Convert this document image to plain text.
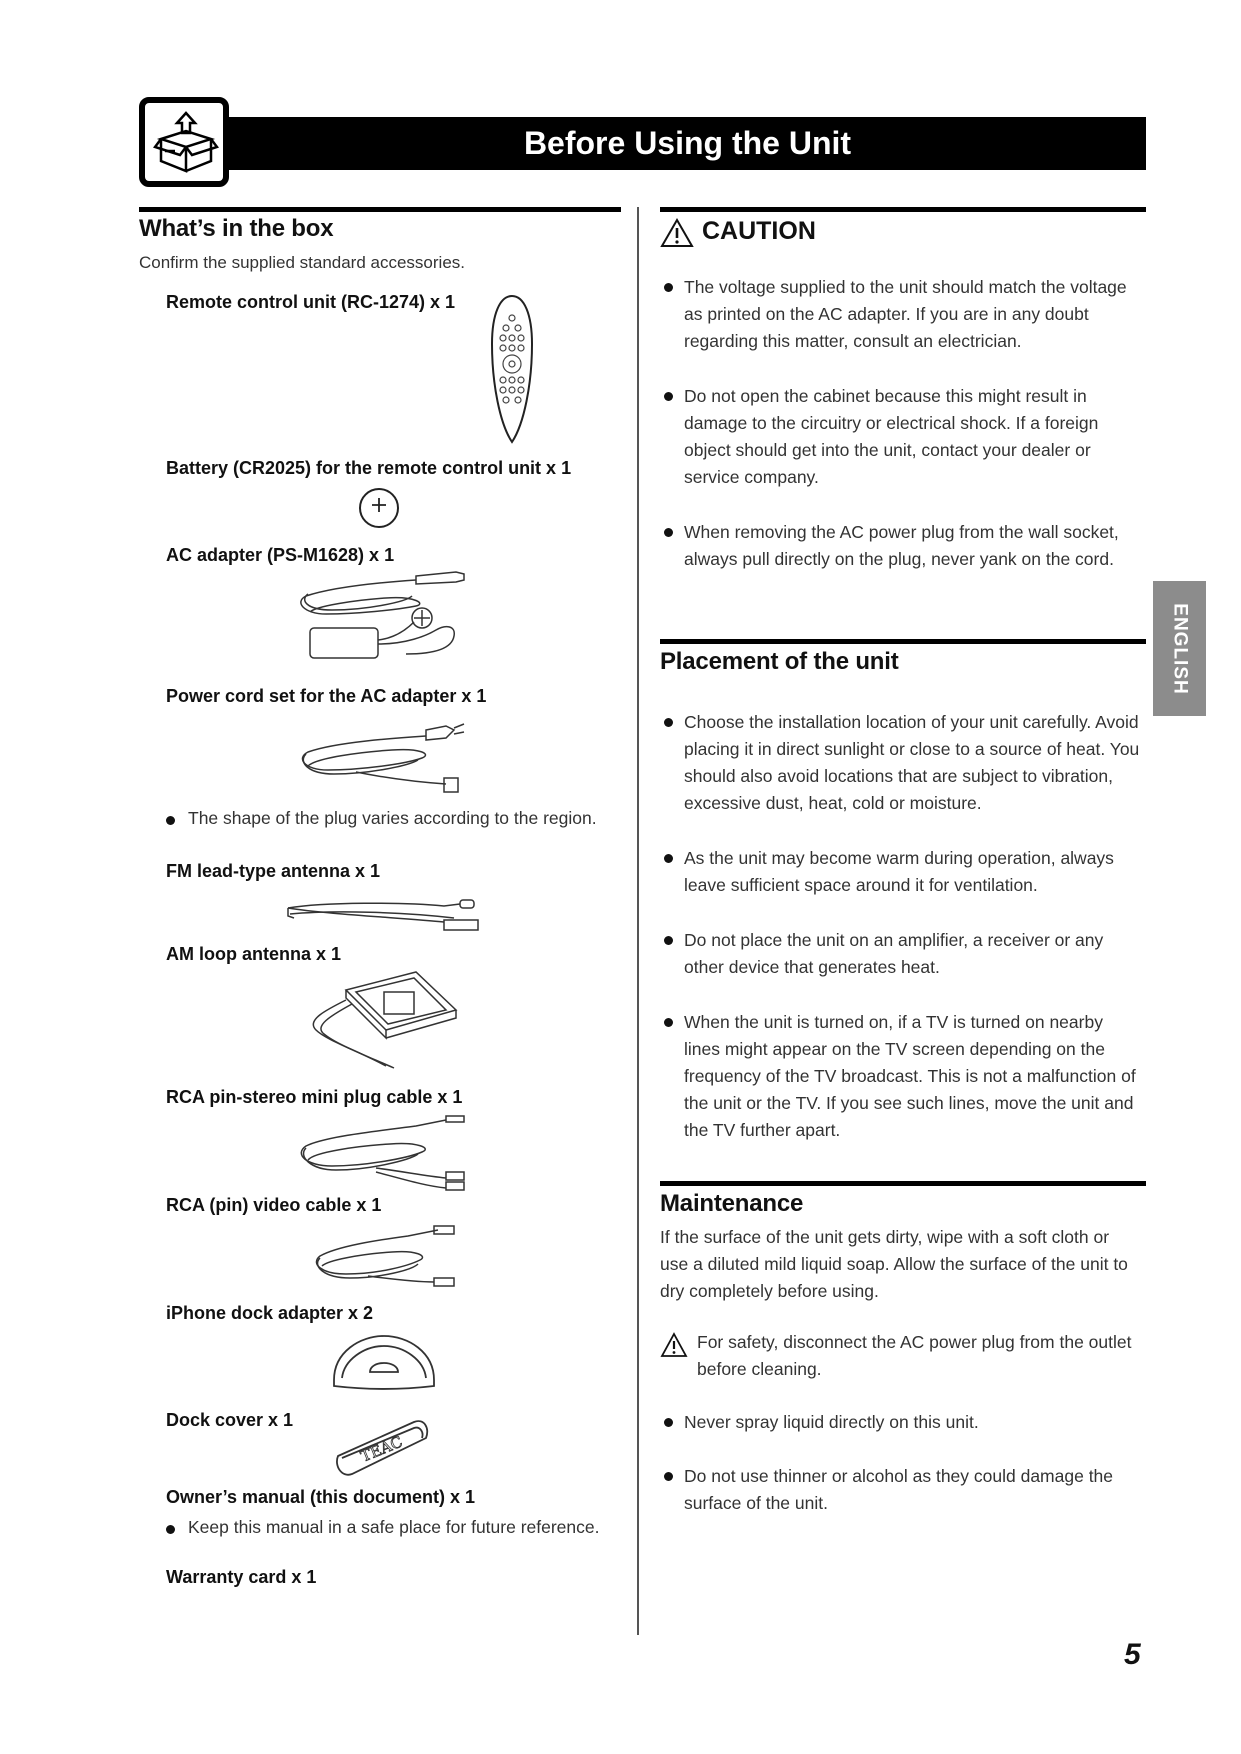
Before Using the Unit
What’s in the box
Confirm the supplied standard accessories.
Remote control unit (RC-1274) x 1
Battery (CR2025) for the remote control unit x 1
AC adapter (PS-M1628) x 1
Power cord set for the AC adapter x 1
The shape of the plug varies according to the region.
FM lead-type antenna x 1
AM loop antenna x 1
RCA pin-stereo mini plug cable x 1
RCA (pin) video cable x 1
iPhone dock adapter x 2
Dock cover x 1
TEAC
Owner’s manual (this document) x 1
Keep this manual in a safe place for future reference.
Warranty card x 1
CAUTION
The voltage supplied to the unit should match the voltage as printed on the AC adapter. If you are in any doubt regarding this matter, consult an electrician.
Do not open the cabinet because this might result in damage to the circuitry or electrical shock. If a foreign object should get into the unit, contact your dealer or service company.
When removing the AC power plug from the wall socket, always pull directly on the plug, never yank on the cord.
Placement of the unit
Choose the installation location of your unit carefully. Avoid placing it in direct sunlight or close to a source of heat. You should also avoid locations that are subject to vibration, excessive dust, heat, cold or moisture.
As the unit may become warm during operation, always leave sufficient space around it for ventilation.
Do not place the unit on an amplifier, a receiver or any other device that generates heat.
When the unit is turned on, if a TV is turned on nearby lines might appear on the TV screen depending on the frequency of the TV broadcast. This is not a malfunction of the unit or the TV. If you see such lines, move the unit and the TV further apart.
Maintenance
If the surface of the unit gets dirty, wipe with a soft cloth or use a diluted mild liquid soap. Allow the surface of the unit to dry completely before using.
For safety, disconnect the AC power plug from the outlet before cleaning.
Never spray liquid directly on this unit.
Do not use thinner or alcohol as they could damage the surface of the unit.
ENGLISH
5
